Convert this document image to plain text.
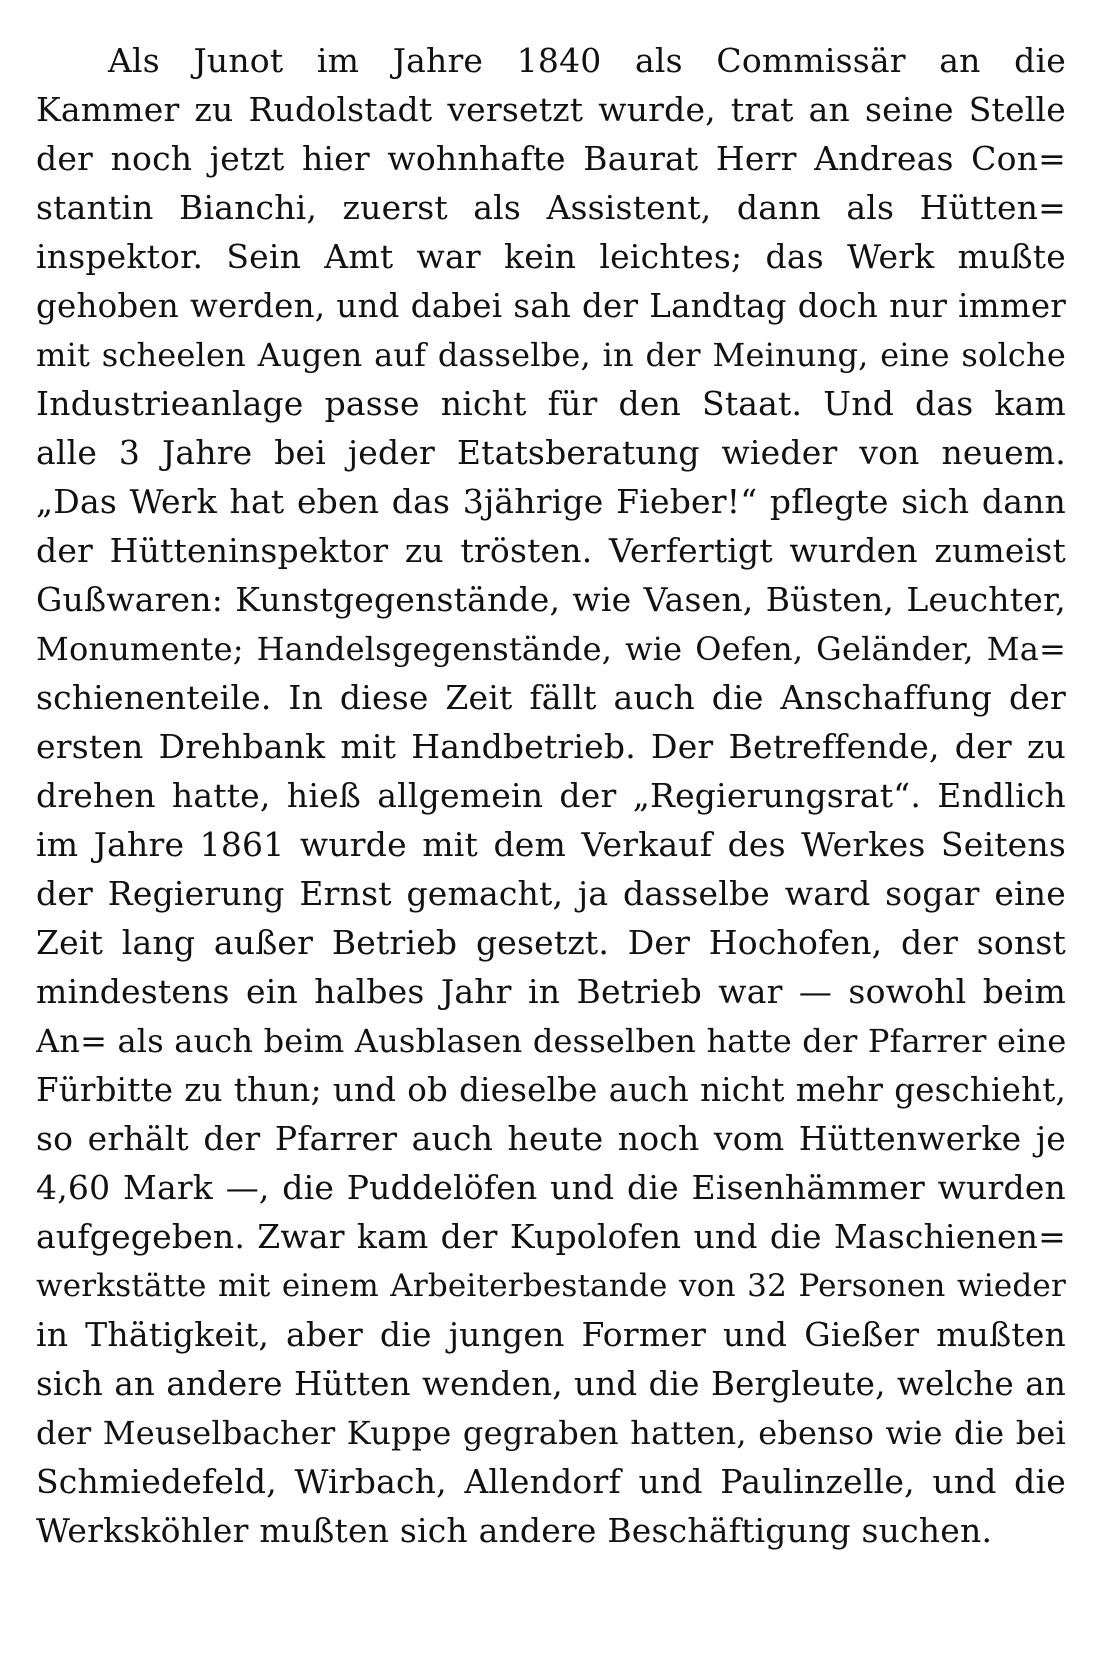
Als Junot im Jahre 1840 als Commissär an die
Kammer zu Rudolstadt versetzt wurde, trat an seine Stelle
der noch jetzt hier wohnhafte Baurat Herr Andreas Con=
stantin Bianchi, zuerst als Assistent, dann als Hütten=
inspektor. Sein Amt war kein leichtes; das Werk mußte
gehoben werden, und dabei sah der Landtag doch nur immer
mit scheelen Augen auf dasselbe, in der Meinung, eine solche
Industrieanlage passe nicht für den Staat. Und das kam
alle 3 Jahre bei jeder Etatsberatung wieder von neuem.
„Das Werk hat eben das 3jährige Fieber!“ pflegte sich dann
der Hütteninspektor zu trösten. Verfertigt wurden zumeist
Gußwaren: Kunstgegenstände, wie Vasen, Büsten, Leuchter,
Monumente; Handelsgegenstände, wie Oefen, Geländer, Ma=
schienenteile. In diese Zeit fällt auch die Anschaffung der
ersten Drehbank mit Handbetrieb. Der Betreffende, der zu
drehen hatte, hieß allgemein der „Regierungsrat“. Endlich
im Jahre 1861 wurde mit dem Verkauf des Werkes Seitens
der Regierung Ernst gemacht, ja dasselbe ward sogar eine
Zeit lang außer Betrieb gesetzt. Der Hochofen, der sonst
mindestens ein halbes Jahr in Betrieb war — sowohl beim
An= als auch beim Ausblasen desselben hatte der Pfarrer eine
Fürbitte zu thun; und ob dieselbe auch nicht mehr geschieht,
so erhält der Pfarrer auch heute noch vom Hüttenwerke je
4,60 Mark —, die Puddelöfen und die Eisenhämmer wurden
aufgegeben. Zwar kam der Kupolofen und die Maschienen=
werkstätte mit einem Arbeiterbestande von 32 Personen wieder
in Thätigkeit, aber die jungen Former und Gießer mußten
sich an andere Hütten wenden, und die Bergleute, welche an
der Meuselbacher Kuppe gegraben hatten, ebenso wie die bei
Schmiedefeld, Wirbach, Allendorf und Paulinzelle, und die
Werksköhler mußten sich andere Beschäftigung suchen.
